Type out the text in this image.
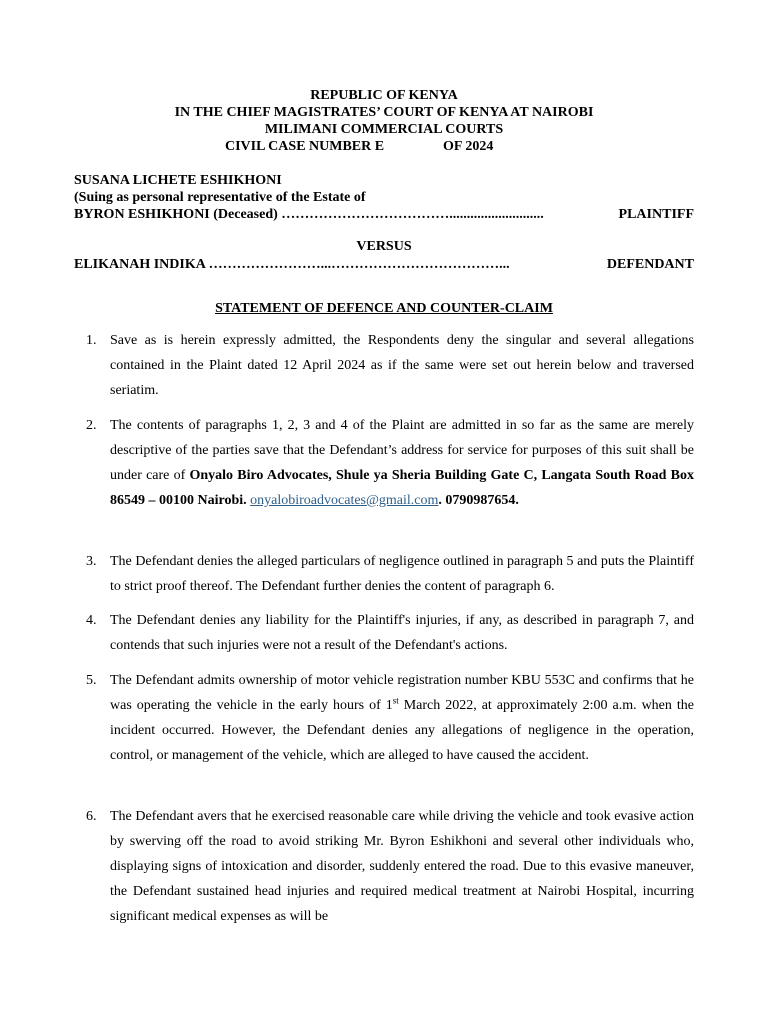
REPUBLIC OF KENYA
IN THE CHIEF MAGISTRATES’ COURT OF KENYA AT NAIROBI
MILIMANI COMMERCIAL COURTS
CIVIL CASE NUMBER E	OF 2024
SUSANA LICHETE ESHIKHONI
(Suing as personal representative of the Estate of
BYRON ESHIKHONI (Deceased) ………………………………...........................	PLAINTIFF
VERSUS
ELIKANAH INDIKA ……………………...………………………………...	DEFENDANT
STATEMENT OF DEFENCE AND COUNTER-CLAIM
1. Save as is herein expressly admitted, the Respondents deny the singular and several allegations contained in the Plaint dated 12 April 2024 as if the same were set out herein below and traversed seriatim.
2. The contents of paragraphs 1, 2, 3 and 4 of the Plaint are admitted in so far as the same are merely descriptive of the parties save that the Defendant’s address for service for purposes of this suit shall be under care of Onyalo Biro Advocates, Shule ya Sheria Building Gate C, Langata South Road Box 86549 – 00100 Nairobi. onyalobiroadvocates@gmail.com. 0790987654.
3. The Defendant denies the alleged particulars of negligence outlined in paragraph 5 and puts the Plaintiff to strict proof thereof. The Defendant further denies the content of paragraph 6.
4. The Defendant denies any liability for the Plaintiff's injuries, if any, as described in paragraph 7, and contends that such injuries were not a result of the Defendant's actions.
5. The Defendant admits ownership of motor vehicle registration number KBU 553C and confirms that he was operating the vehicle in the early hours of 1st March 2022, at approximately 2:00 a.m. when the incident occurred. However, the Defendant denies any allegations of negligence in the operation, control, or management of the vehicle, which are alleged to have caused the accident.
6. The Defendant avers that he exercised reasonable care while driving the vehicle and took evasive action by swerving off the road to avoid striking Mr. Byron Eshikhoni and several other individuals who, displaying signs of intoxication and disorder, suddenly entered the road. Due to this evasive maneuver, the Defendant sustained head injuries and required medical treatment at Nairobi Hospital, incurring significant medical expenses as will be
